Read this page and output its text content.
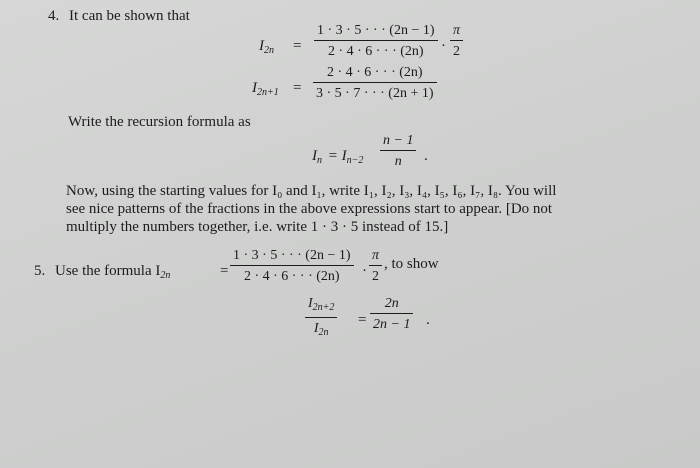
4. It can be shown that
$I_{2n}$ =
1 · 3 · 5 · · · (2n − 1)
2 · 4 · 6 · · · (2n) ·
π
2
$I_{2n+1}$ =
2 · 4 · 6 · · · (2n)
3 · 5 · 7 · · · (2n + 1)
Write the recursion formula as
$I_n = I_{n-2}$
n − 1
n .
Now, using the starting values for I₀ and I₁, write I₁, I₂, I₃, I₄, I₅, I₆, I₇, I₈. You will
see nice patterns of the fractions in the above expressions start to appear. [Do not
multiply the numbers together, i.e. write 1 · 3 · 5 instead of 15.]
5. Use the formula $I_{2n}$	=
1 · 3 · 5 · · · (2n − 1)
2 · 4 · 6 · · · (2n) ·
π
2
, to show
$I_{2n+2}$
$I_{2n}$
=
2n
2n − 1 .
